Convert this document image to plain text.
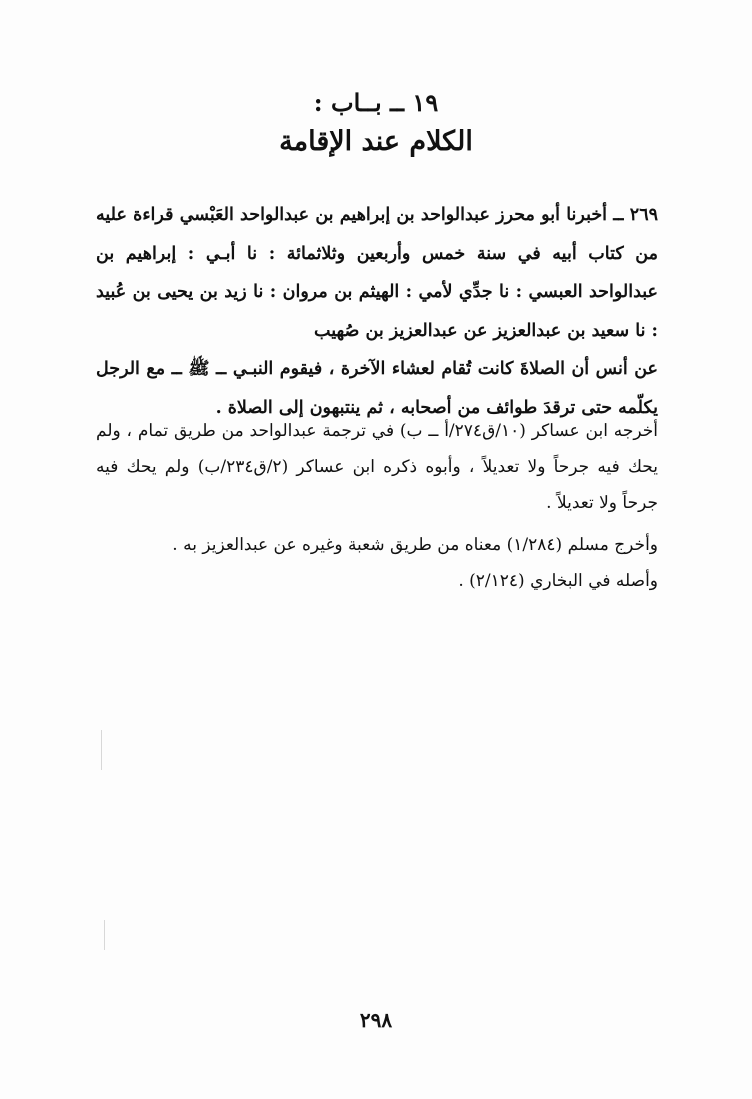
١٩ ــ بــاب :
الكلام عند الإقامة

٢٦٩ ــ أخبرنا أبو محرز عبدالواحد بن إبراهيم بن عبدالواحد العَبْسي قراءة عليه من كتاب أبيه في سنة خمس وأربعين وثلاثمائة : نا أبـي : إبراهيم بن عبدالواحد العبسي : نا جدِّي لأمي : الهيثم بن مروان : نا زيد بن يحيى بن عُبيد : نا سعيد بن عبدالعزيز عن عبدالعزيز بن صُهيب

عن أنس أن الصلاةَ كانت تُقام لعشاء الآخرة ، فيقوم النبـي ــ ﷺ ــ مع الرجل يكلّمه حتى ترقدَ طوائف من أصحابه ، ثم ينتبهون إلى الصلاة .

أخرجه ابن عساكر (١٠/ق٢٧٤/أ ــ ب) في ترجمة عبدالواحد من طريق تمام ، ولم يحك فيه جرحاً ولا تعديلاً ، وأبوه ذكره ابن عساكر (٢/ق٢٣٤/ب) ولم يحك فيه جرحاً ولا تعديلاً .

وأخرج مسلم (١/٢٨٤) معناه من طريق شعبة وغيره عن عبدالعزيز به .

وأصله في البخاري (٢/١٢٤) .

٢٩٨
